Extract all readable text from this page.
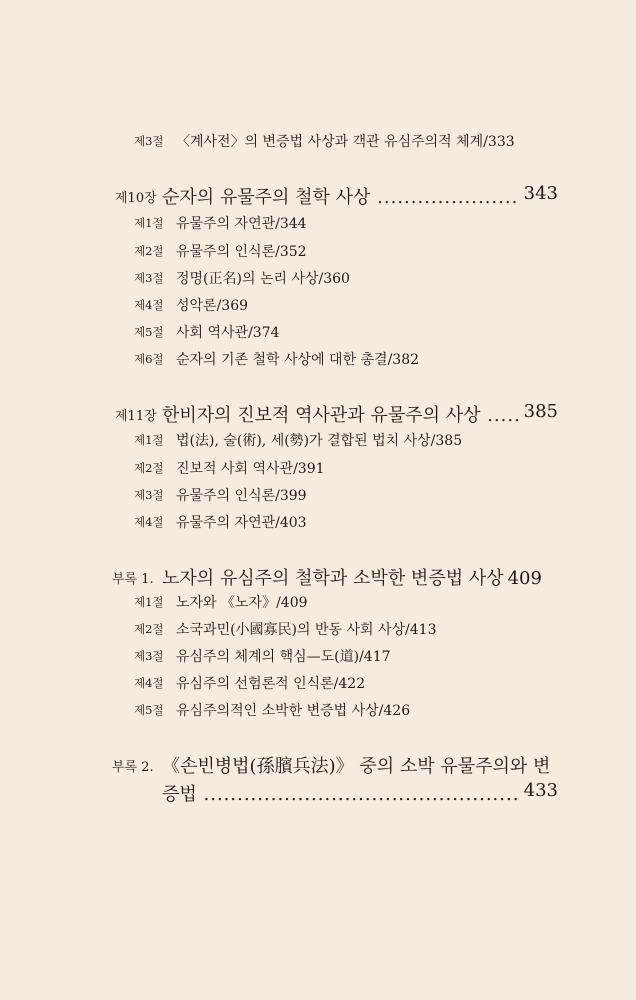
제3절 〈계사전〉의 변증법 사상과 객관 유심주의적 체계/333
제10장 순자의 유물주의 철학 사상 .....	343
제1절 유물주의 자연관/344
제2절 유물주의 인식론/352
제3절 정명(正名)의 논리 사상/360
제4절 성악론/369
제5절 사회 역사관/374
제6절 순자의 기존 철학 사상에 대한 총결/382
제11장 한비자의 진보적 역사관과 유물주의 사상 .....	385
제1절 법(法), 술(術), 세(勢)가 결합된 법치 사상/385
제2절 진보적 사회 역사관/391
제3절 유물주의 인식론/399
제4절 유물주의 자연관/403
부록 1. 노자의 유심주의 철학과 소박한 변증법 사상 409
제1절 노자와 《노자》/409
제2절 소국과민(小國寡民)의 반동 사회 사상/413
제3절 유심주의 체계의 핵심—도(道)/417
제4절 유심주의 선험론적 인식론/422
제5절 유심주의적인 소박한 변증법 사상/426
부록 2. 《손빈병법(孫臏兵法)》 중의 소박 유물주의와 변
증법 .....	433
